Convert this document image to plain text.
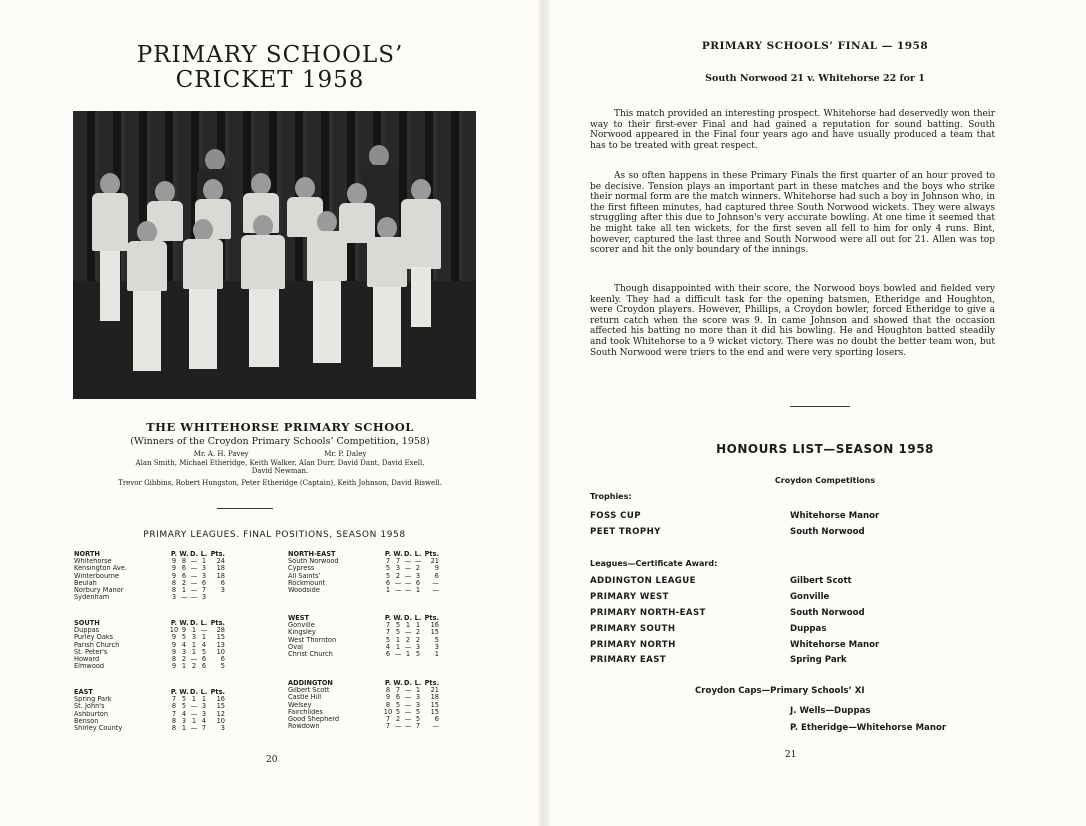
PRIMARY SCHOOLS’
CRICKET 1958
THE WHITEHORSE PRIMARY SCHOOL
(Winners of the Croydon Primary Schools’ Competition, 1958)
Mr. A. H. Pavey                                  Mr. P. Daley
Alan Smith, Michael Etheridge, Keith Walker, Alan Durr, David Dant, David Exell,
David Newman.
Trevor Gibbins, Robert Hungston, Peter Etheridge (Captain), Keith Johnson, David Biswell.
PRIMARY LEAGUES. FINAL POSITIONS, SEASON 1958
NORTH	P. W. D. L. Pts.
Whitehorse	9 8 — 1	24
Kensington Ave.	9 6 — 3	18
Winterbourne	9 6 — 3	18
Beulah	8 2 — 6	6
Norbury Manor	8 1 — 7	3
Sydenham	3 — — 3
NORTH-EAST	P. W. D. L. Pts.
South Norwood	7 7 — —	21
Cypress	5 3 — 2	9
All Saints’	5 2 — 3	6
Rockmount	6 — — 6	—
Woodside	1 — — 1	—
SOUTH	P. W. D. L. Pts.
Duppas	10 9 1 —	28
Purley Oaks	9 5 3 1	15
Parish Church	9 4 1 4	13
St. Peter's	9 3 1 5	10
Howard	8 2 — 6	6
Elmwood	9 1 2 6	5
WEST	P. W. D. L. Pts.
Gonville	7 5 1 1	16
Kingsley	7 5 — 2	15
West Thornton	5 1 2 2	5
Oval	4 1 — 3	3
Christ Church	6 — 1 5	1
EAST	P. W. D. L. Pts.
Spring Park	7 5 1 1	16
St. John's	8 5 — 3	15
Ashburton	7 4 — 3	12
Benson	8 3 1 4	10
Shirley County	8 1 — 7	3
ADDINGTON	P. W. D. L. Pts.
Gilbert Scott	8 7 — 1	21
Castle Hill	9 6 — 3	18
Welsey	8 5 — 3	15
Fairchildes	10 5 — 5	15
Good Shepherd	7 2 — 5	6
Rowdown	7 — — 7	—
20
PRIMARY SCHOOLS’ FINAL — 1958
South Norwood 21 v. Whitehorse 22 for 1
This match provided an interesting prospect. Whitehorse had deservedly won their way to their first-ever Final and had gained a reputation for sound batting. South Norwood appeared in the Final four years ago and have usually produced a team that has to be treated with great respect.
As so often happens in these Primary Finals the first quarter of an hour proved to be decisive. Tension plays an important part in these matches and the boys who strike their normal form are the match winners. Whitehorse had such a boy in Johnson who, in the first fifteen minutes, had captured three South Norwood wickets. They were always struggling after this due to Johnson's very accurate bowling. At one time it seemed that he might take all ten wickets, for the first seven all fell to him for only 4 runs. Bint, however, captured the last three and South Norwood were all out for 21. Allen was top scorer and hit the only boundary of the innings.
Though disappointed with their score, the Norwood boys bowled and fielded very keenly. They had a difficult task for the opening batsmen, Etheridge and Houghton, were Croydon players. However, Phillips, a Croydon bowler, forced Etheridge to give a return catch when the score was 9. In came Johnson and showed that the occasion affected his batting no more than it did his bowling. He and Houghton batted steadily and took Whitehorse to a 9 wicket victory. There was no doubt the better team won, but South Norwood were triers to the end and were very sporting losers.
HONOURS LIST—SEASON 1958
Croydon Competitions
Trophies:
FOSS CUP	Whitehorse Manor
PEET TROPHY	South Norwood
Leagues—Certificate Award:
ADDINGTON LEAGUE	Gilbert Scott
PRIMARY WEST	Gonville
PRIMARY NORTH-EAST	South Norwood
PRIMARY SOUTH	Duppas
PRIMARY NORTH	Whitehorse Manor
PRIMARY EAST	Spring Park
Croydon Caps—Primary Schools’ XI
J. Wells—Duppas
P. Etheridge—Whitehorse Manor
21
